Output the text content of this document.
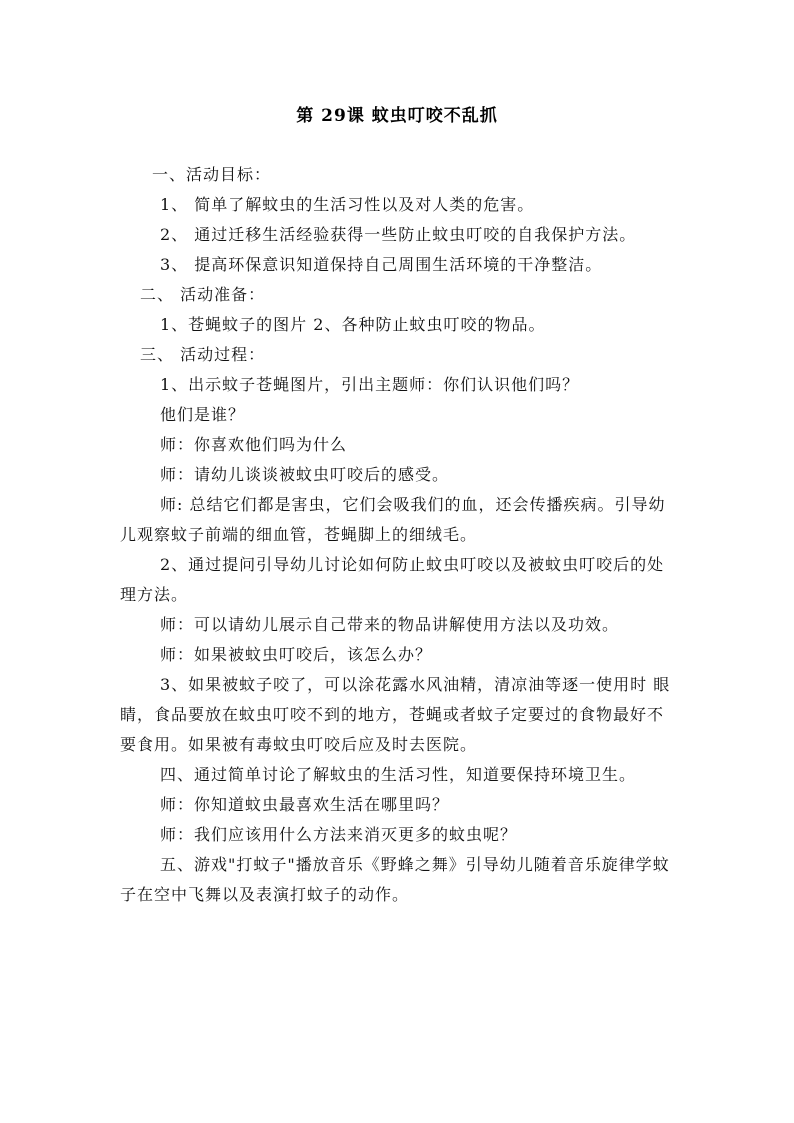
第 29课 蚊虫叮咬不乱抓
一、活动目标：
1、 简单了解蚊虫的生活习性以及对人类的危害。
2、 通过迁移生活经验获得一些防止蚊虫叮咬的自我保护方法。
3、 提高环保意识知道保持自己周围生活环境的干净整洁。
二、 活动准备：
1、苍蝇蚊子的图片 2、各种防止蚊虫叮咬的物品。
三、 活动过程：
1、出示蚊子苍蝇图片，引出主题师：你们认识他们吗？
他们是谁？
师：你喜欢他们吗为什么
师：请幼儿谈谈被蚊虫叮咬后的感受。
师: 总结它们都是害虫，它们会吸我们的血，还会传播疾病。引导幼儿观察蚊子前端的细血管，苍蝇脚上的细绒毛。
2、通过提问引导幼儿讨论如何防止蚊虫叮咬以及被蚊虫叮咬后的处理方法。
师：可以请幼儿展示自己带来的物品讲解使用方法以及功效。
师：如果被蚊虫叮咬后，该怎么办？
3、如果被蚊子咬了，可以涂花露水风油精，清凉油等逐一使用时 眼睛，食品要放在蚊虫叮咬不到的地方，苍蝇或者蚊子定要过的食物最好不要食用。如果被有毒蚊虫叮咬后应及时去医院。
四、通过简单讨论了解蚊虫的生活习性，知道要保持环境卫生。
师：你知道蚊虫最喜欢生活在哪里吗？
师：我们应该用什么方法来消灭更多的蚊虫呢？
五、游戏"打蚊子"播放音乐《野蜂之舞》引导幼儿随着音乐旋律学蚊子在空中飞舞以及表演打蚊子的动作。
